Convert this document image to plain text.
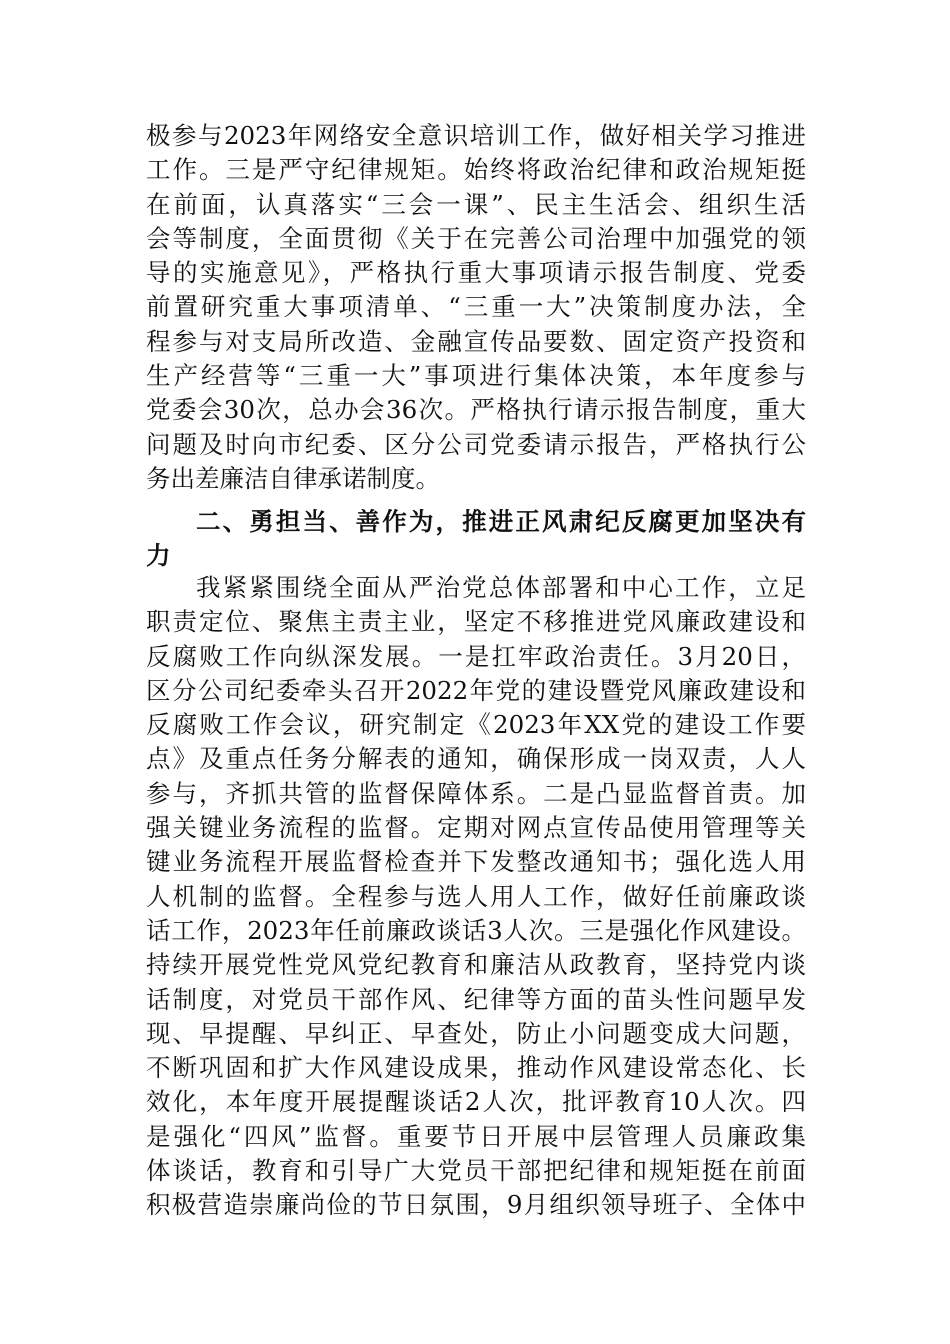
极参与2023年网络安全意识培训工作，做好相关学习推进
工作。三是严守纪律规矩。始终将政治纪律和政治规矩挺
在前面，认真落实“三会一课”、民主生活会、组织生活
会等制度，全面贯彻《关于在完善公司治理中加强党的领
导的实施意见》，严格执行重大事项请示报告制度、党委
前置研究重大事项清单、“三重一大”决策制度办法，全
程参与对支局所改造、金融宣传品要数、固定资产投资和
生产经营等“三重一大”事项进行集体决策，本年度参与
党委会30次，总办会36次。严格执行请示报告制度，重大
问题及时向市纪委、区分公司党委请示报告，严格执行公
务出差廉洁自律承诺制度。
二、勇担当、善作为，推进正风肃纪反腐更加坚决有
力
我紧紧围绕全面从严治党总体部署和中心工作，立足
职责定位、聚焦主责主业，坚定不移推进党风廉政建设和
反腐败工作向纵深发展。一是扛牢政治责任。3月20日，
区分公司纪委牵头召开2022年党的建设暨党风廉政建设和
反腐败工作会议，研究制定《2023年XX党的建设工作要
点》及重点任务分解表的通知，确保形成一岗双责，人人
参与，齐抓共管的监督保障体系。二是凸显监督首责。加
强关键业务流程的监督。定期对网点宣传品使用管理等关
键业务流程开展监督检查并下发整改通知书；强化选人用
人机制的监督。全程参与选人用人工作，做好任前廉政谈
话工作，2023年任前廉政谈话3人次。三是强化作风建设。
持续开展党性党风党纪教育和廉洁从政教育，坚持党内谈
话制度，对党员干部作风、纪律等方面的苗头性问题早发
现、早提醒、早纠正、早查处，防止小问题变成大问题，
不断巩固和扩大作风建设成果，推动作风建设常态化、长
效化，本年度开展提醒谈话2人次，批评教育10人次。四
是强化“四风”监督。重要节日开展中层管理人员廉政集
体谈话，教育和引导广大党员干部把纪律和规矩挺在前面
积极营造崇廉尚俭的节日氛围，9月组织领导班子、全体中
